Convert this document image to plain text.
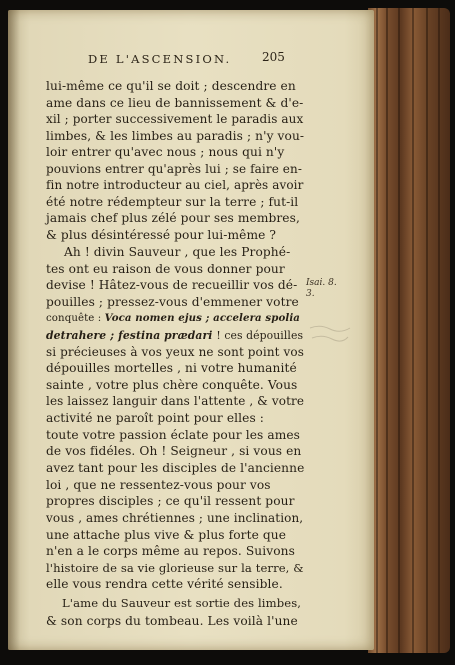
DE L'ASCENSION.	205
lui-même ce qu'il se doit ; descendre en
ame dans ce lieu de bannissement & d'e-
xil ; porter successivement le paradis aux
limbes, & les limbes au paradis ; n'y vou-
loir entrer qu'avec nous ; nous qui n'y
pouvions entrer qu'après lui ; se faire en-
fin notre introducteur au ciel, après avoir
été notre rédempteur sur la terre ; fut-il
jamais chef plus zélé pour ses membres,
& plus désintéressé pour lui-même ?
Ah ! divin Sauveur , que les Prophé-
tes ont eu raison de vous donner pour
devise ! Hâtez-vous de recueillir vos dé-
pouilles ; pressez-vous d'emmener votre
conquête : Voca nomen ejus ; accelera spolia
detrahere ; festina prædari ! ces dépouilles
si précieuses à vos yeux ne sont point vos
dépouilles mortelles , ni votre humanité
sainte , votre plus chère conquête. Vous
les laissez languir dans l'attente , & votre
activité ne paroît point pour elles :
toute votre passion éclate pour les ames
de vos fidéles. Oh ! Seigneur , si vous en
avez tant pour les disciples de l'ancienne
loi , que ne ressentez-vous pour vos
propres disciples ; ce qu'il ressent pour
vous , ames chrétiennes ; une inclination,
une attache plus vive & plus forte que
n'en a le corps même au repos. Suivons
l'histoire de sa vie glorieuse sur la terre, &
elle vous rendra cette vérité sensible.
L'ame du Sauveur est sortie des limbes,
& son corps du tombeau. Les voilà l'une
Isai. 8.
3.
